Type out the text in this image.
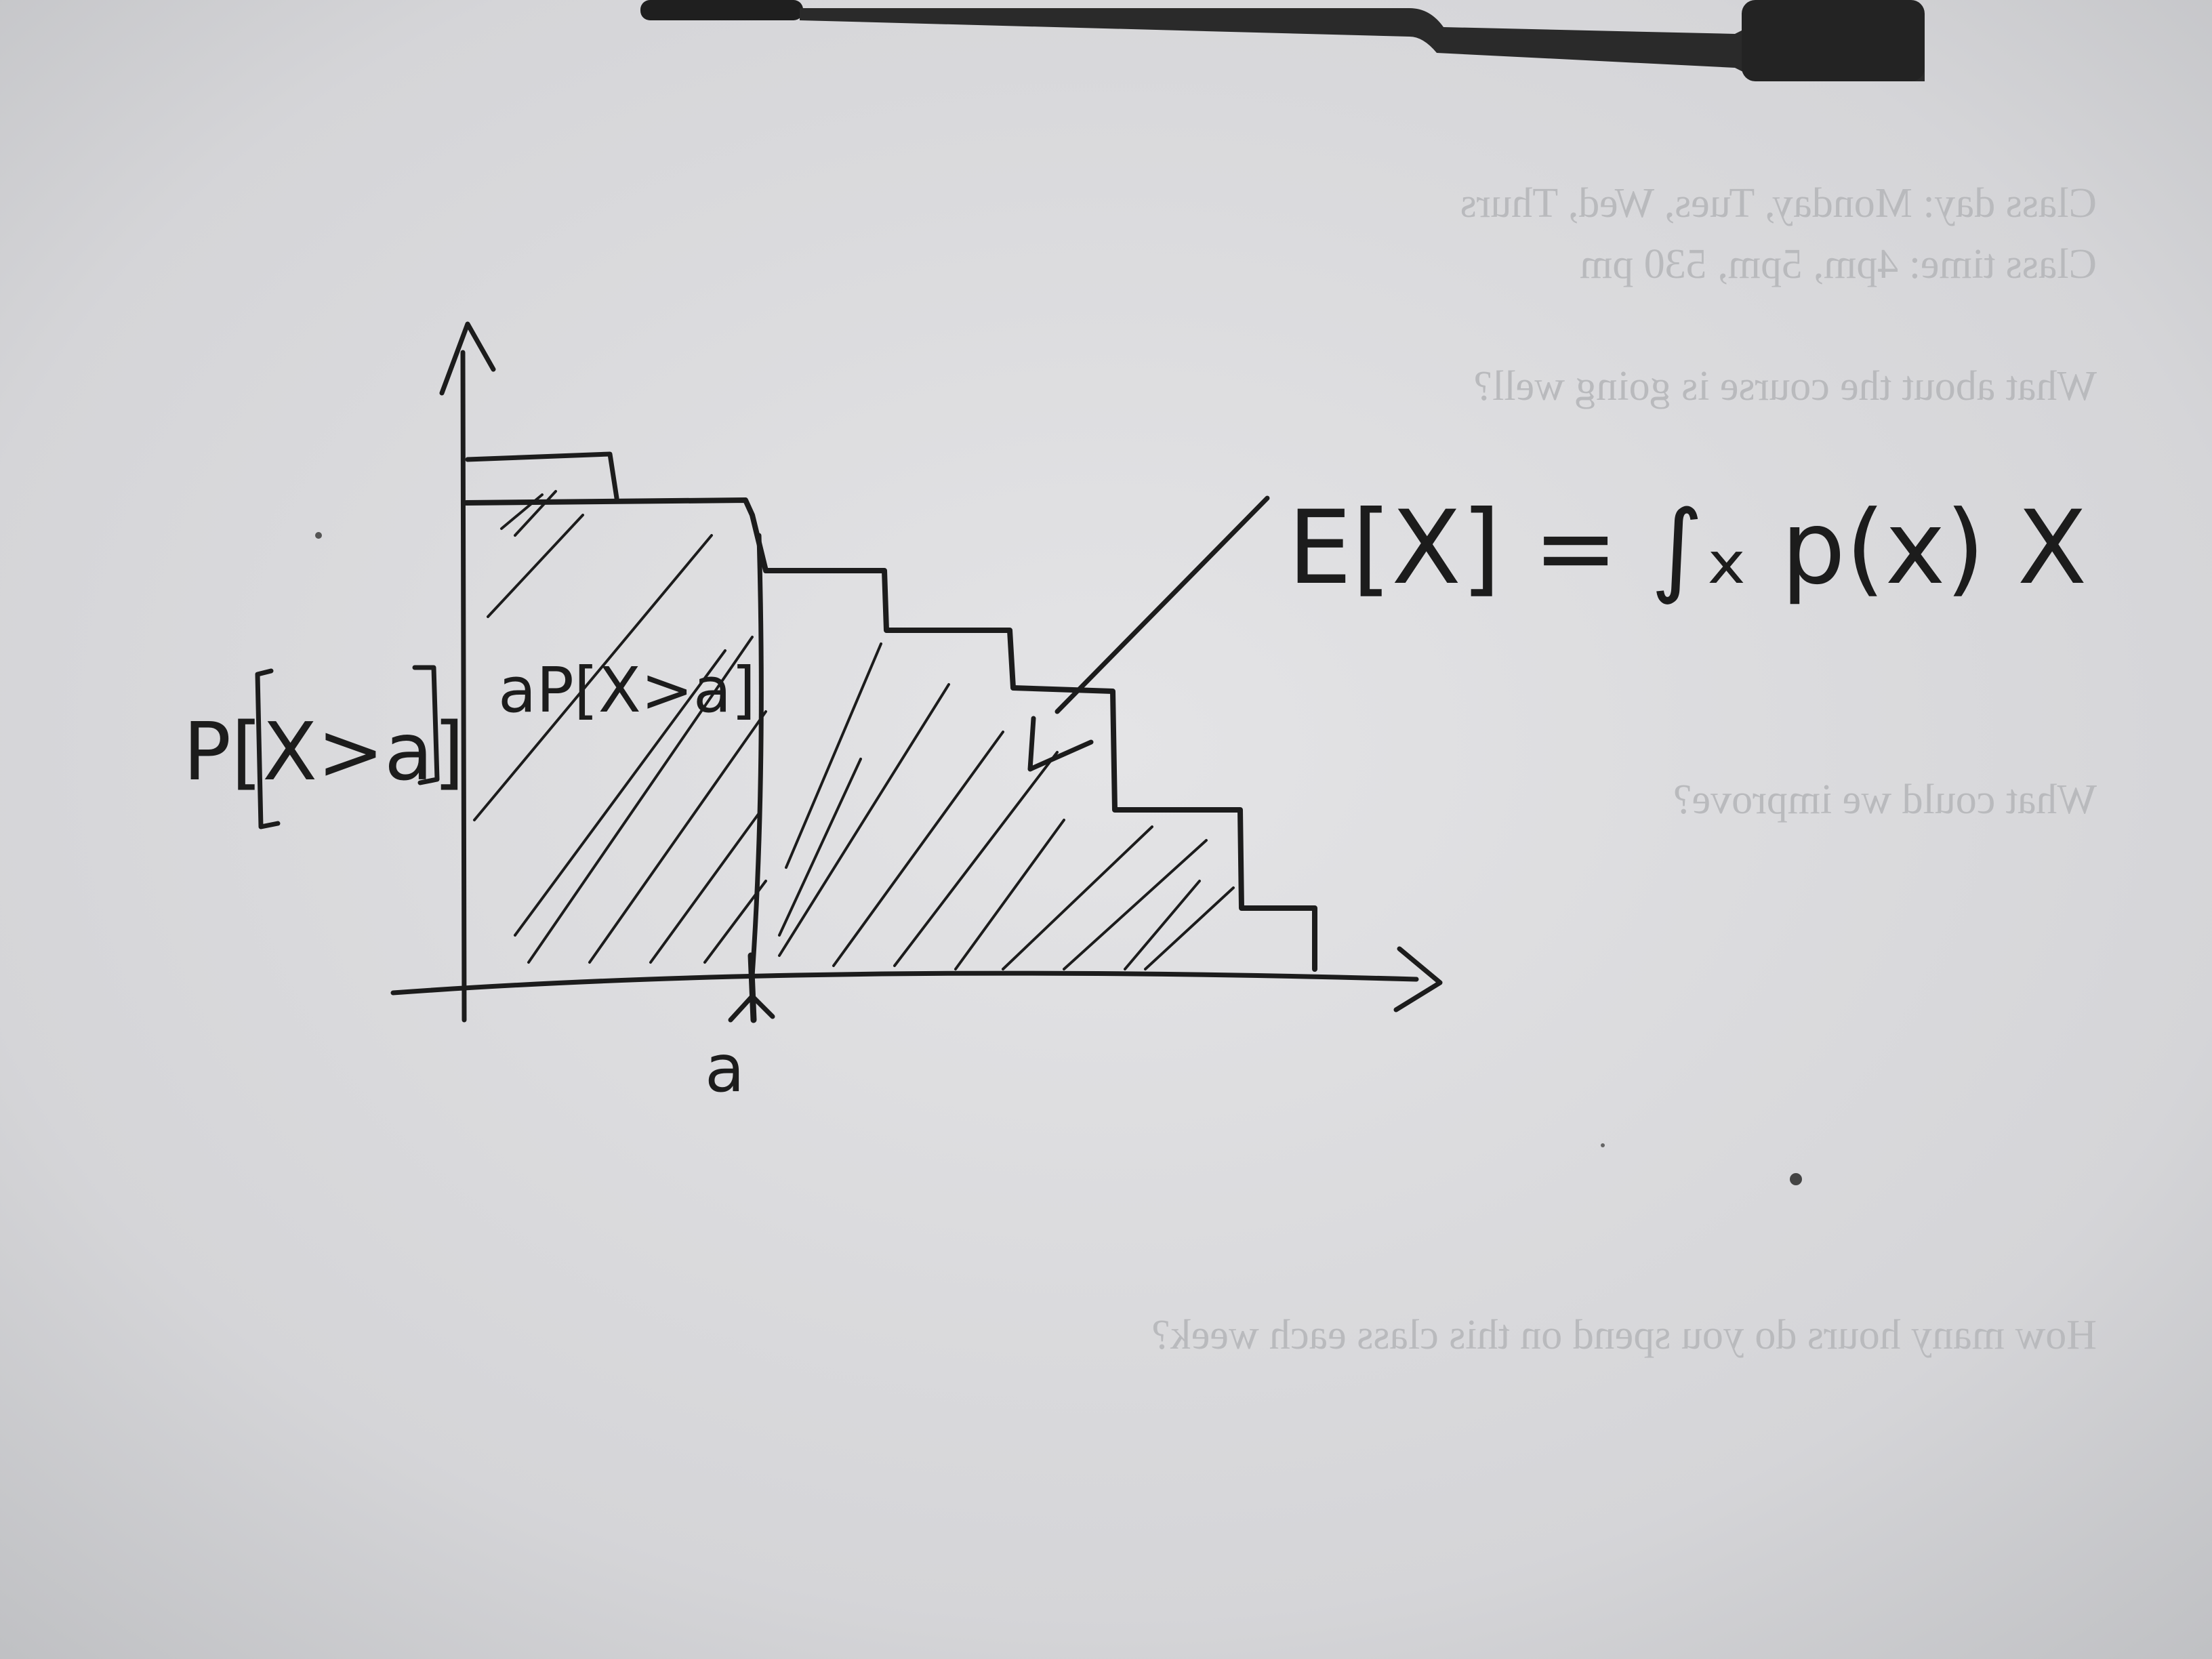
Class day: Monday, Tues, Wed, Thurs
Class time: 4pm, 5pm, 530 pm
What about the course is going well?
What could we improve?
How many hours do you spend on this class each week?
P[X>a]
aP[X>a]
a
E[X] = ∫ₓ p(x) X
